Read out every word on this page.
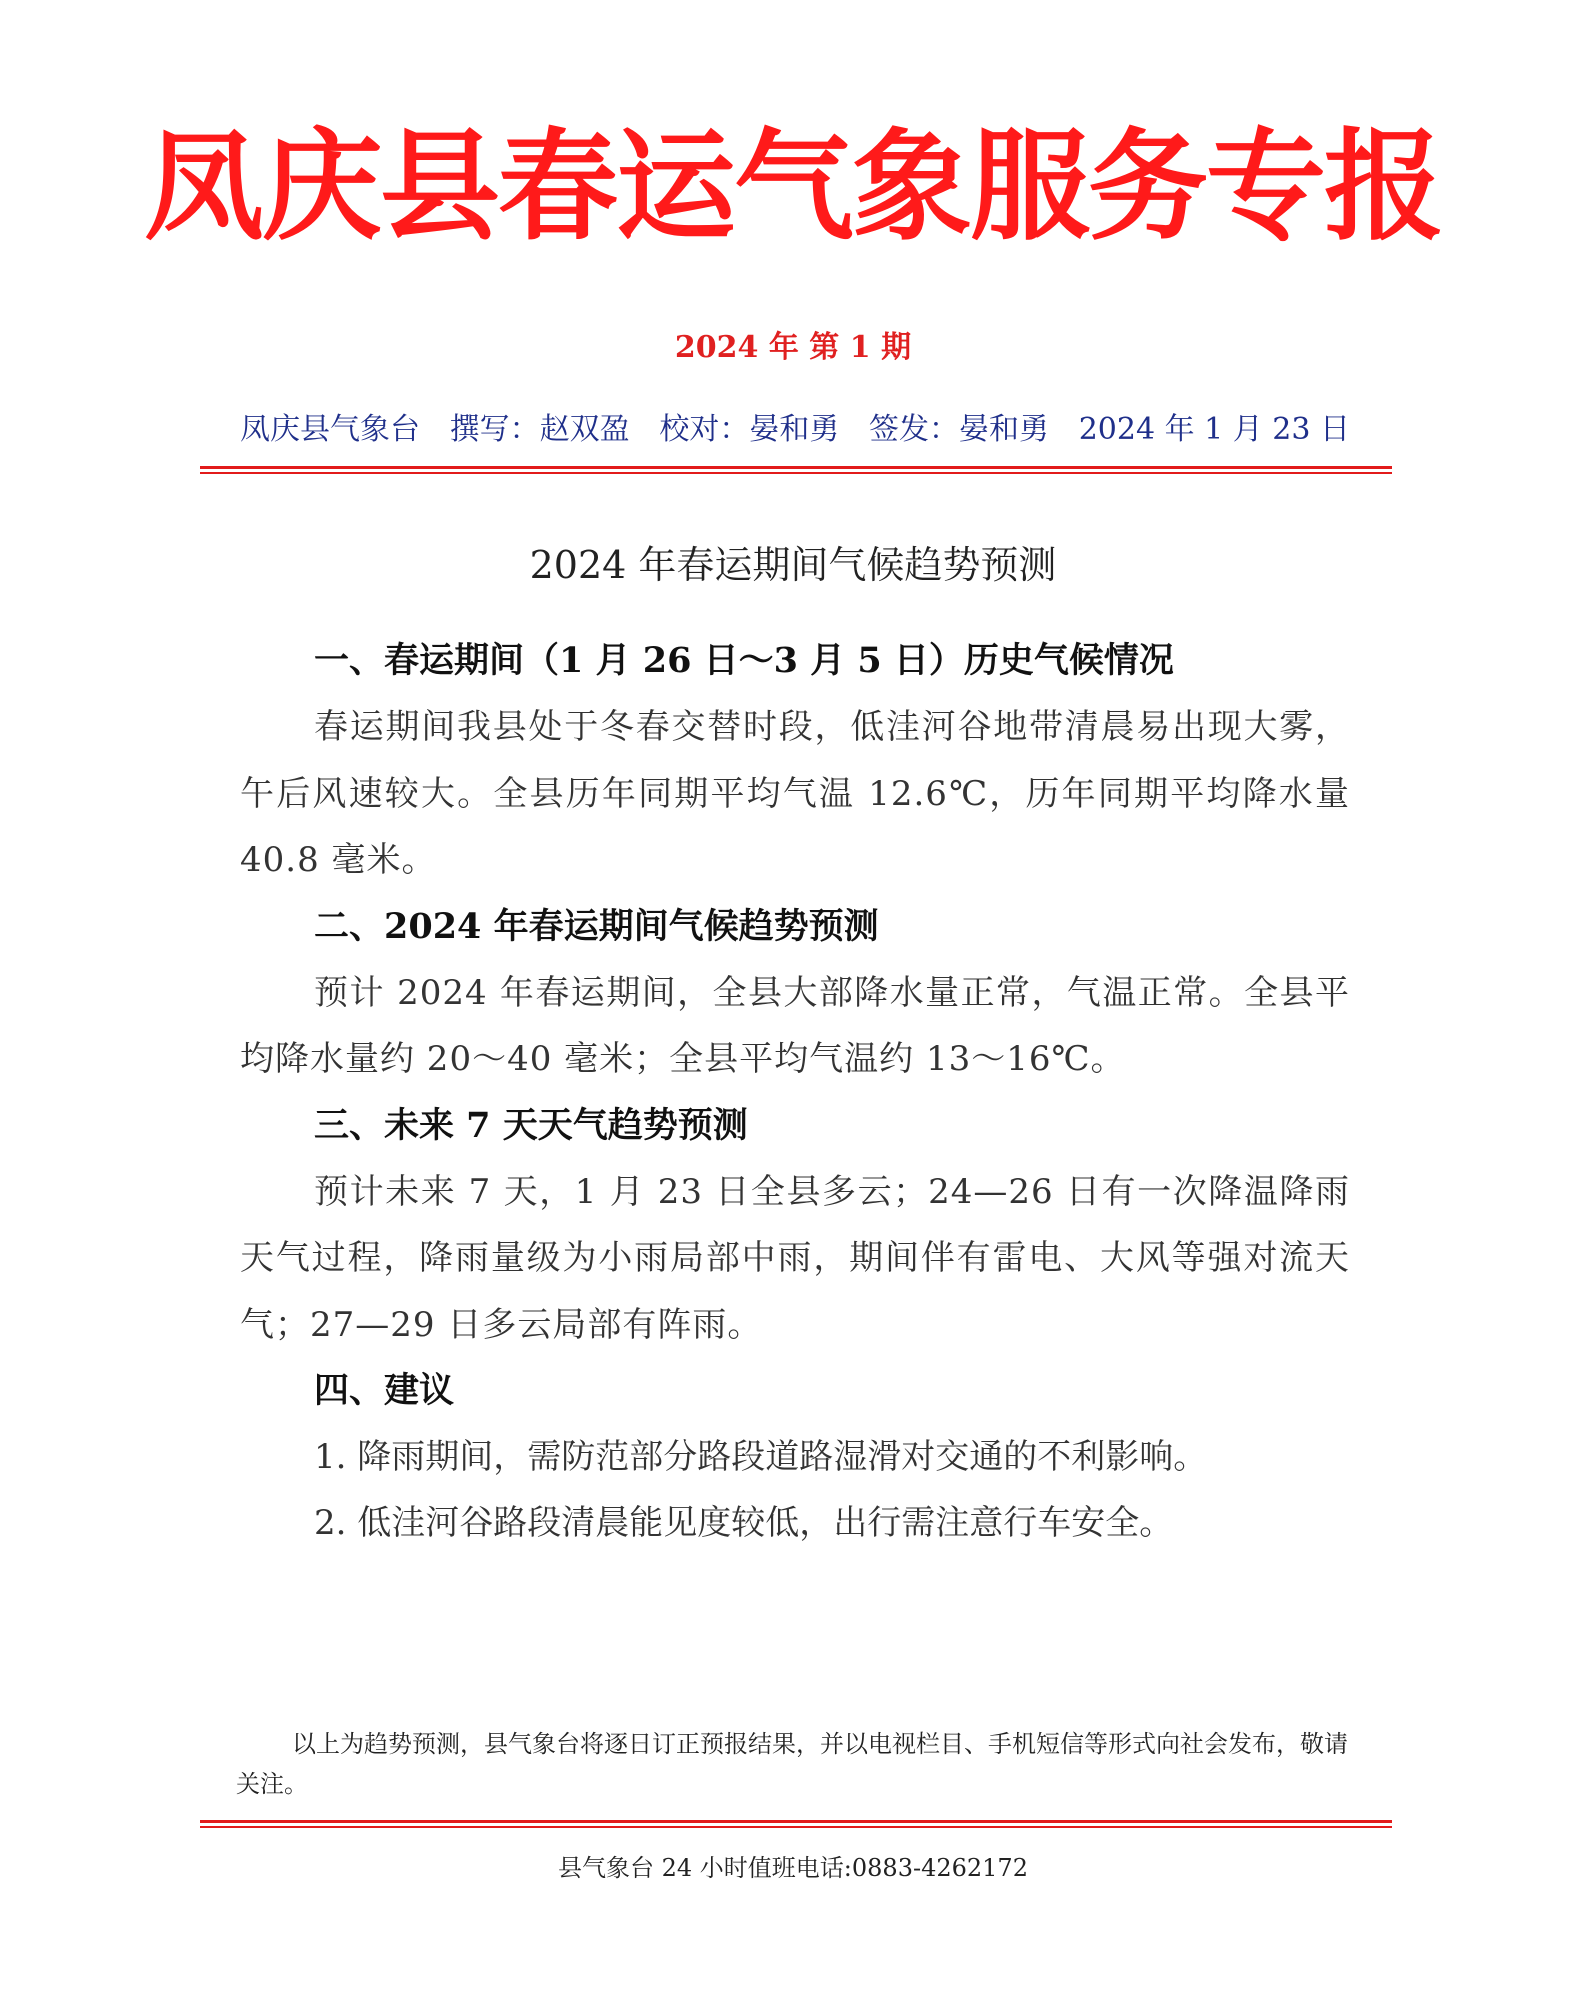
凤庆县春运气象服务专报
2024 年 第 1 期
凤庆县气象台 撰写：赵双盈 校对：晏和勇 签发：晏和勇 2024 年 1 月 23 日
2024 年春运期间气候趋势预测

一、春运期间（1 月 26 日～3 月 5 日）历史气候情况

春运期间我县处于冬春交替时段，低洼河谷地带清晨易出现大雾，午后风速较大。全县历年同期平均气温 12.6℃，历年同期平均降水量 40.8 毫米。

二、2024 年春运期间气候趋势预测

预计 2024 年春运期间，全县大部降水量正常，气温正常。全县平均降水量约 20～40 毫米；全县平均气温约 13～16℃。

三、未来 7 天天气趋势预测

预计未来 7 天，1 月 23 日全县多云；24—26 日有一次降温降雨天气过程，降雨量级为小雨局部中雨，期间伴有雷电、大风等强对流天气；27—29 日多云局部有阵雨。

四、建议

1. 降雨期间，需防范部分路段道路湿滑对交通的不利影响。

2. 低洼河谷路段清晨能见度较低，出行需注意行车安全。

以上为趋势预测，县气象台将逐日订正预报结果，并以电视栏目、手机短信等形式向社会发布，敬请关注。

县气象台 24 小时值班电话:0883-4262172
